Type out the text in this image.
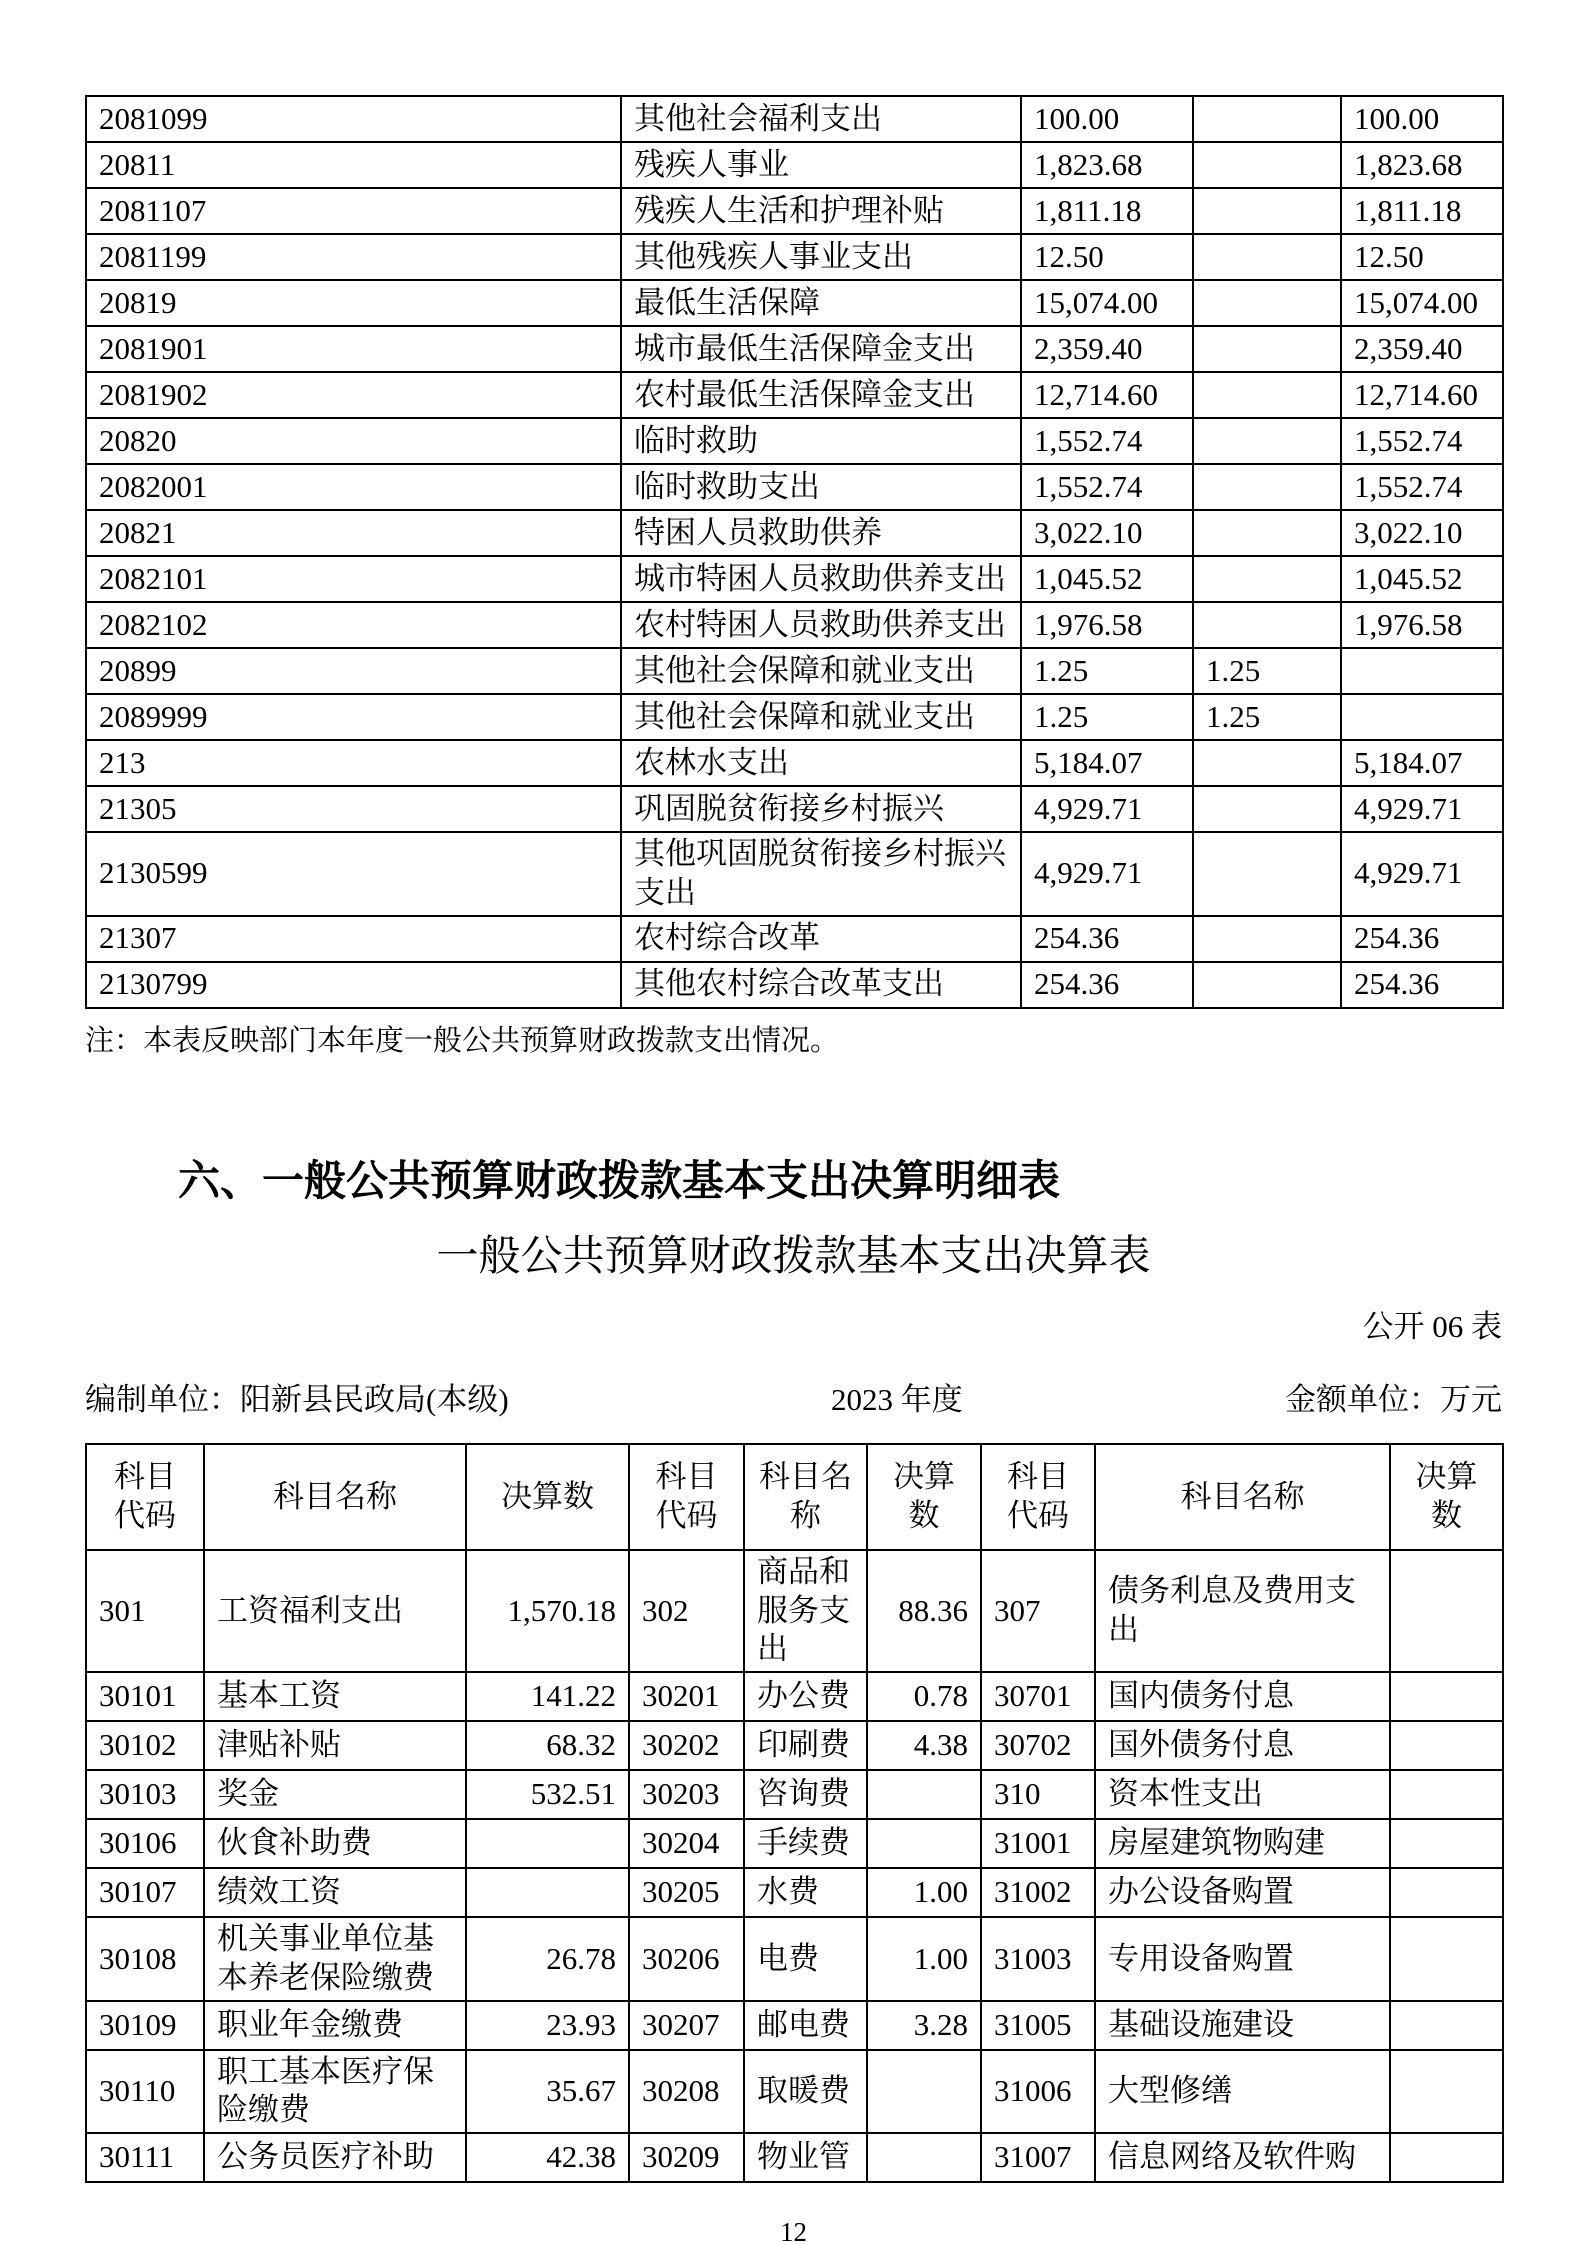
2081099	其他社会福利支出	100.00		100.00
20811	残疾人事业	1,823.68		1,823.68
2081107	残疾人生活和护理补贴	1,811.18		1,811.18
2081199	其他残疾人事业支出	12.50		12.50
20819	最低生活保障	15,074.00		15,074.00
2081901	城市最低生活保障金支出	2,359.40		2,359.40
2081902	农村最低生活保障金支出	12,714.60		12,714.60
20820	临时救助	1,552.74		1,552.74
2082001	临时救助支出	1,552.74		1,552.74
20821	特困人员救助供养	3,022.10		3,022.10
2082101	城市特困人员救助供养支出	1,045.52		1,045.52
2082102	农村特困人员救助供养支出	1,976.58		1,976.58
20899	其他社会保障和就业支出	1.25	1.25	
2089999	其他社会保障和就业支出	1.25	1.25	
213	农林水支出	5,184.07		5,184.07
21305	巩固脱贫衔接乡村振兴	4,929.71		4,929.71
2130599	其他巩固脱贫衔接乡村振兴支出	4,929.71		4,929.71
21307	农村综合改革	254.36		254.36
2130799	其他农村综合改革支出	254.36		254.36
注：本表反映部门本年度一般公共预算财政拨款支出情况。
六、一般公共预算财政拨款基本支出决算明细表
一般公共预算财政拨款基本支出决算表
公开 06 表
编制单位：阳新县民政局(本级)	2023 年度	金额单位：万元
科目代码	科目名称	决算数	科目代码	科目名称	决算数	科目代码	科目名称	决算数
301	工资福利支出	1,570.18	302	商品和服务支出	88.36	307	债务利息及费用支出	
30101	基本工资	141.22	30201	办公费	0.78	30701	国内债务付息	
30102	津贴补贴	68.32	30202	印刷费	4.38	30702	国外债务付息	
30103	奖金	532.51	30203	咨询费		310	资本性支出	
30106	伙食补助费		30204	手续费		31001	房屋建筑物购建	
30107	绩效工资		30205	水费	1.00	31002	办公设备购置	
30108	机关事业单位基本养老保险缴费	26.78	30206	电费	1.00	31003	专用设备购置	
30109	职业年金缴费	23.93	30207	邮电费	3.28	31005	基础设施建设	
30110	职工基本医疗保险缴费	35.67	30208	取暖费		31006	大型修缮	
30111	公务员医疗补助	42.38	30209	物业管		31007	信息网络及软件购	
12
